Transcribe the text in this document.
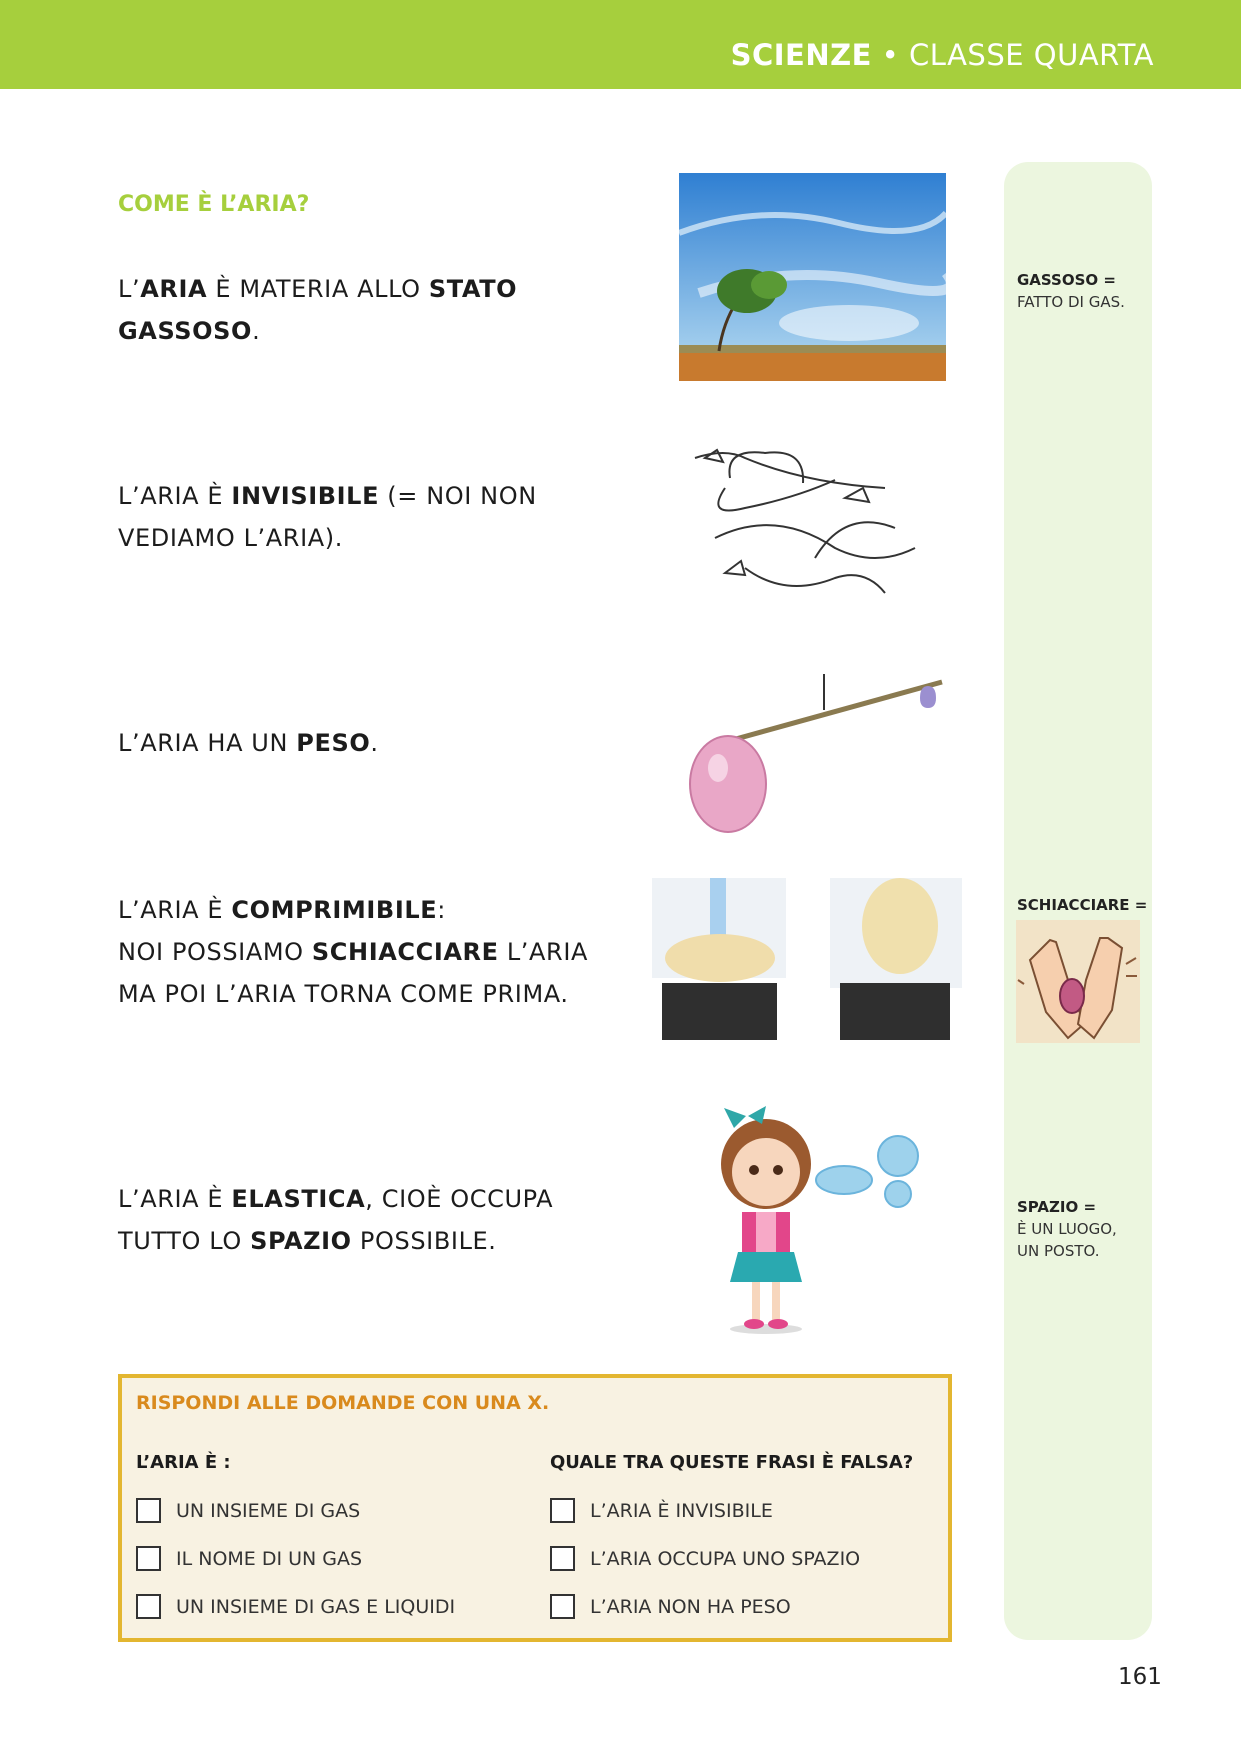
SCIENZE • CLASSE QUARTA
GASSOSO =
FATTO DI GAS.
SCHIACCIARE =
SPAZIO =
È UN LUOGO,
UN POSTO.
COME È L’ARIA?
L’ARIA È MATERIA ALLO STATO
GASSOSO.
L’ARIA È INVISIBILE (= NOI NON
VEDIAMO L’ARIA).
L’ARIA HA UN PESO.
L’ARIA È COMPRIMIBILE:
NOI POSSIAMO SCHIACCIARE L’ARIA
MA POI L’ARIA TORNA COME PRIMA.
L’ARIA È ELASTICA, CIOÈ OCCUPA
TUTTO LO SPAZIO POSSIBILE.
RISPONDI ALLE DOMANDE CON UNA X.
L’ARIA È :	QUALE TRA QUESTE FRASI È FALSA?
UN INSIEME DI GAS
IL NOME DI UN GAS
UN INSIEME DI GAS E LIQUIDI
L’ARIA È INVISIBILE
L’ARIA OCCUPA UNO SPAZIO
L’ARIA NON HA PESO
161
